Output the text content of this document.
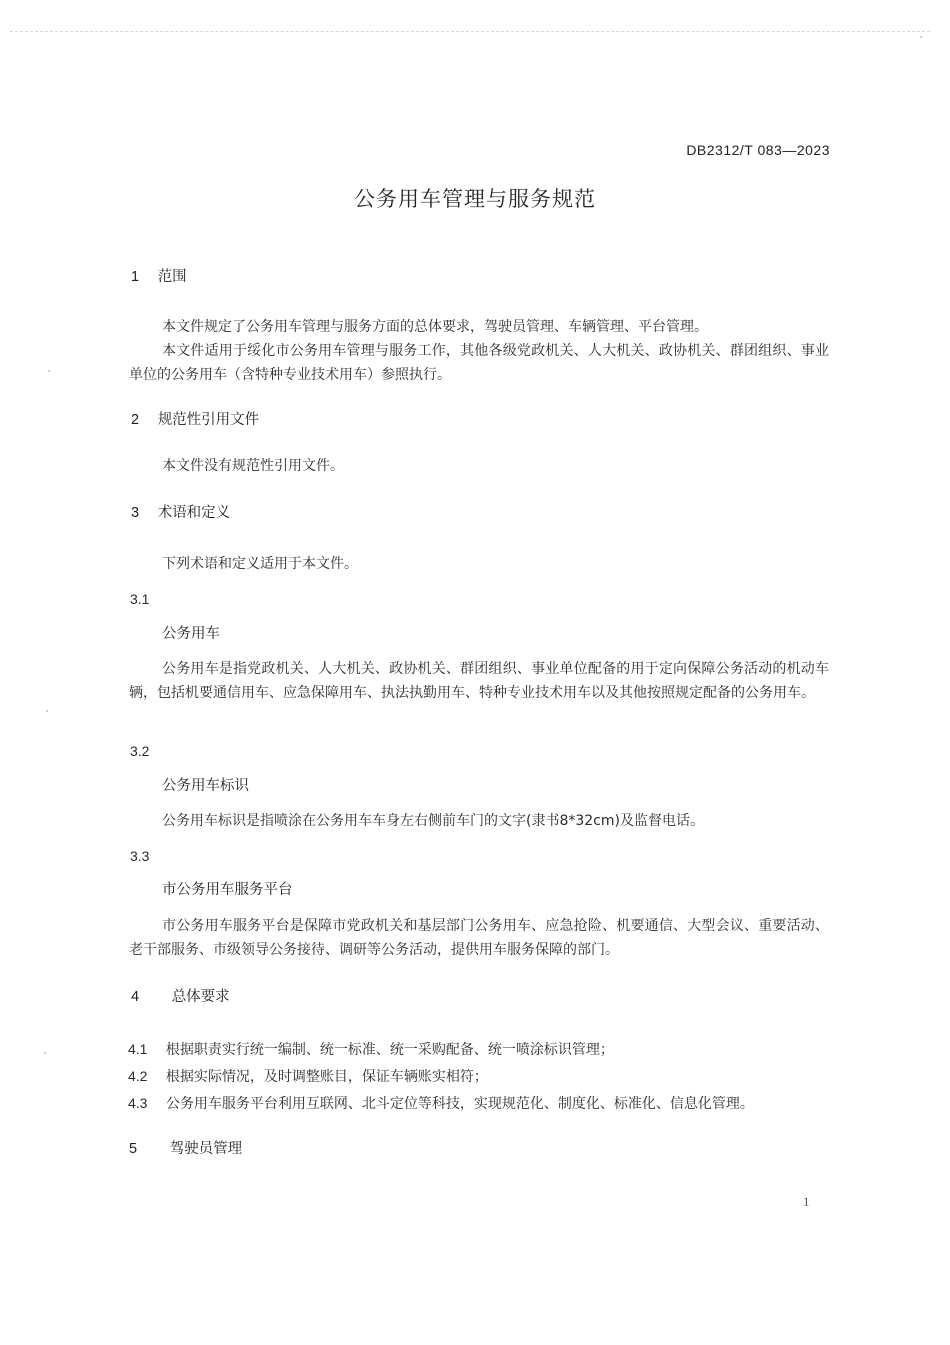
DB2312/T 083—2023
公务用车管理与服务规范
1 范围
本文件规定了公务用车管理与服务方面的总体要求，驾驶员管理、车辆管理、平台管理。
本文件适用于绥化市公务用车管理与服务工作，其他各级党政机关、人大机关、政协机关、群团组织、事业单位的公务用车（含特种专业技术用车）参照执行。
2 规范性引用文件
本文件没有规范性引用文件。
3 术语和定义
下列术语和定义适用于本文件。
3.1
公务用车
公务用车是指党政机关、人大机关、政协机关、群团组织、事业单位配备的用于定向保障公务活动的机动车辆，包括机要通信用车、应急保障用车、执法执勤用车、特种专业技术用车以及其他按照规定配备的公务用车。
3.2
公务用车标识
公务用车标识是指喷涂在公务用车车身左右侧前车门的文字(隶书8*32cm)及监督电话。
3.3
市公务用车服务平台
市公务用车服务平台是保障市党政机关和基层部门公务用车、应急抢险、机要通信、大型会议、重要活动、老干部服务、市级领导公务接待、调研等公务活动，提供用车服务保障的部门。
4 总体要求
4.1 根据职责实行统一编制、统一标准、统一采购配备、统一喷涂标识管理；
4.2 根据实际情况，及时调整账目，保证车辆账实相符；
4.3 公务用车服务平台利用互联网、北斗定位等科技，实现规范化、制度化、标准化、信息化管理。
5 驾驶员管理
1
